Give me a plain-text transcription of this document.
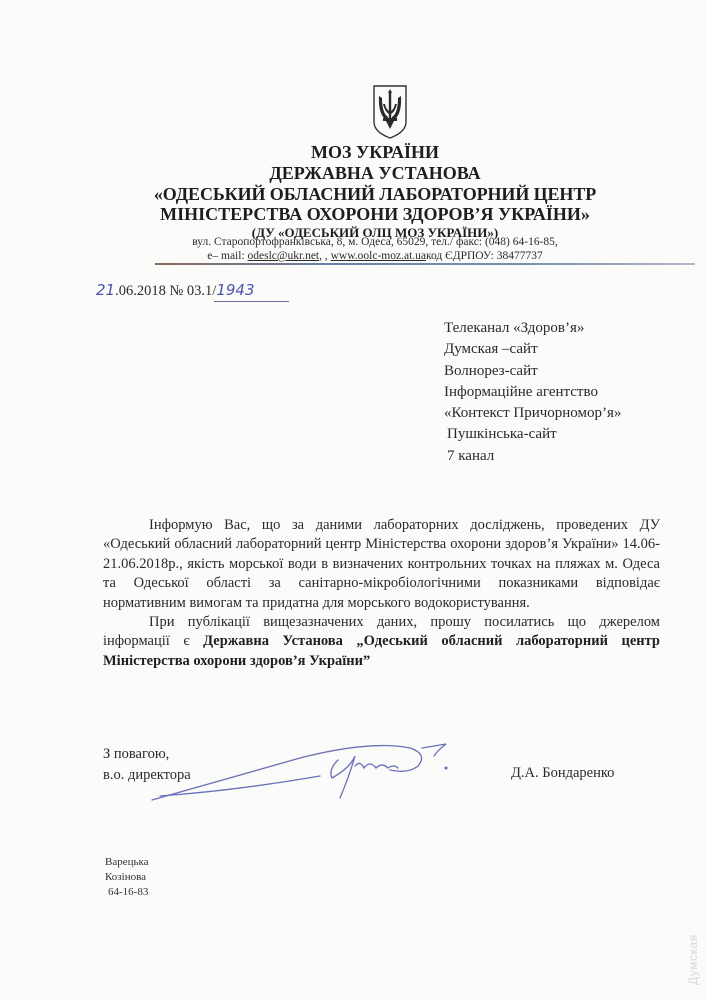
МОЗ УКРАЇНИ
ДЕРЖАВНА УСТАНОВА
«ОДЕСЬКИЙ ОБЛАСНИЙ ЛАБОРАТОРНИЙ ЦЕНТР
МІНІСТЕРСТВА ОХОРОНИ ЗДОРОВ’Я УКРАЇНИ»
(ДУ «ОДЕСЬКИЙ ОЛЦ МОЗ УКРАЇНИ»)
вул. Старопортофранківська, 8, м. Одеса, 65029, тел./ факс: (048) 64-16-85,
е– mail: odeslc@ukr.net, , www.oolc-moz.at.uaкод ЄДРПОУ: 38477737
21.06.2018 № 03.1/1943
Телеканал «Здоров’я»
Думская –сайт
Волнорез-сайт
Інформаційне агентство
«Контекст Причорномор’я»
Пушкінська-сайт
7 канал

Інформую Вас, що за даними лабораторних досліджень, проведених ДУ «Одеський обласний лабораторний центр Міністерства охорони здоров’я України» 14.06-21.06.2018р., якість морської води в визначених контрольних точках на пляжах м. Одеса та Одеської області за санітарно-мікробіологічними показниками відповідає нормативним вимогам та придатна для морського водокористування.

При публікації вищезазначених даних, прошу посилатись що джерелом інформації є Державна Установа „Одеський обласний лабораторний центр Міністерства охорони здоров’я України”

З повагою,
в.о. директора	Д.А. Бондаренко
Варецька
Козінова
64-16-83
Думская
